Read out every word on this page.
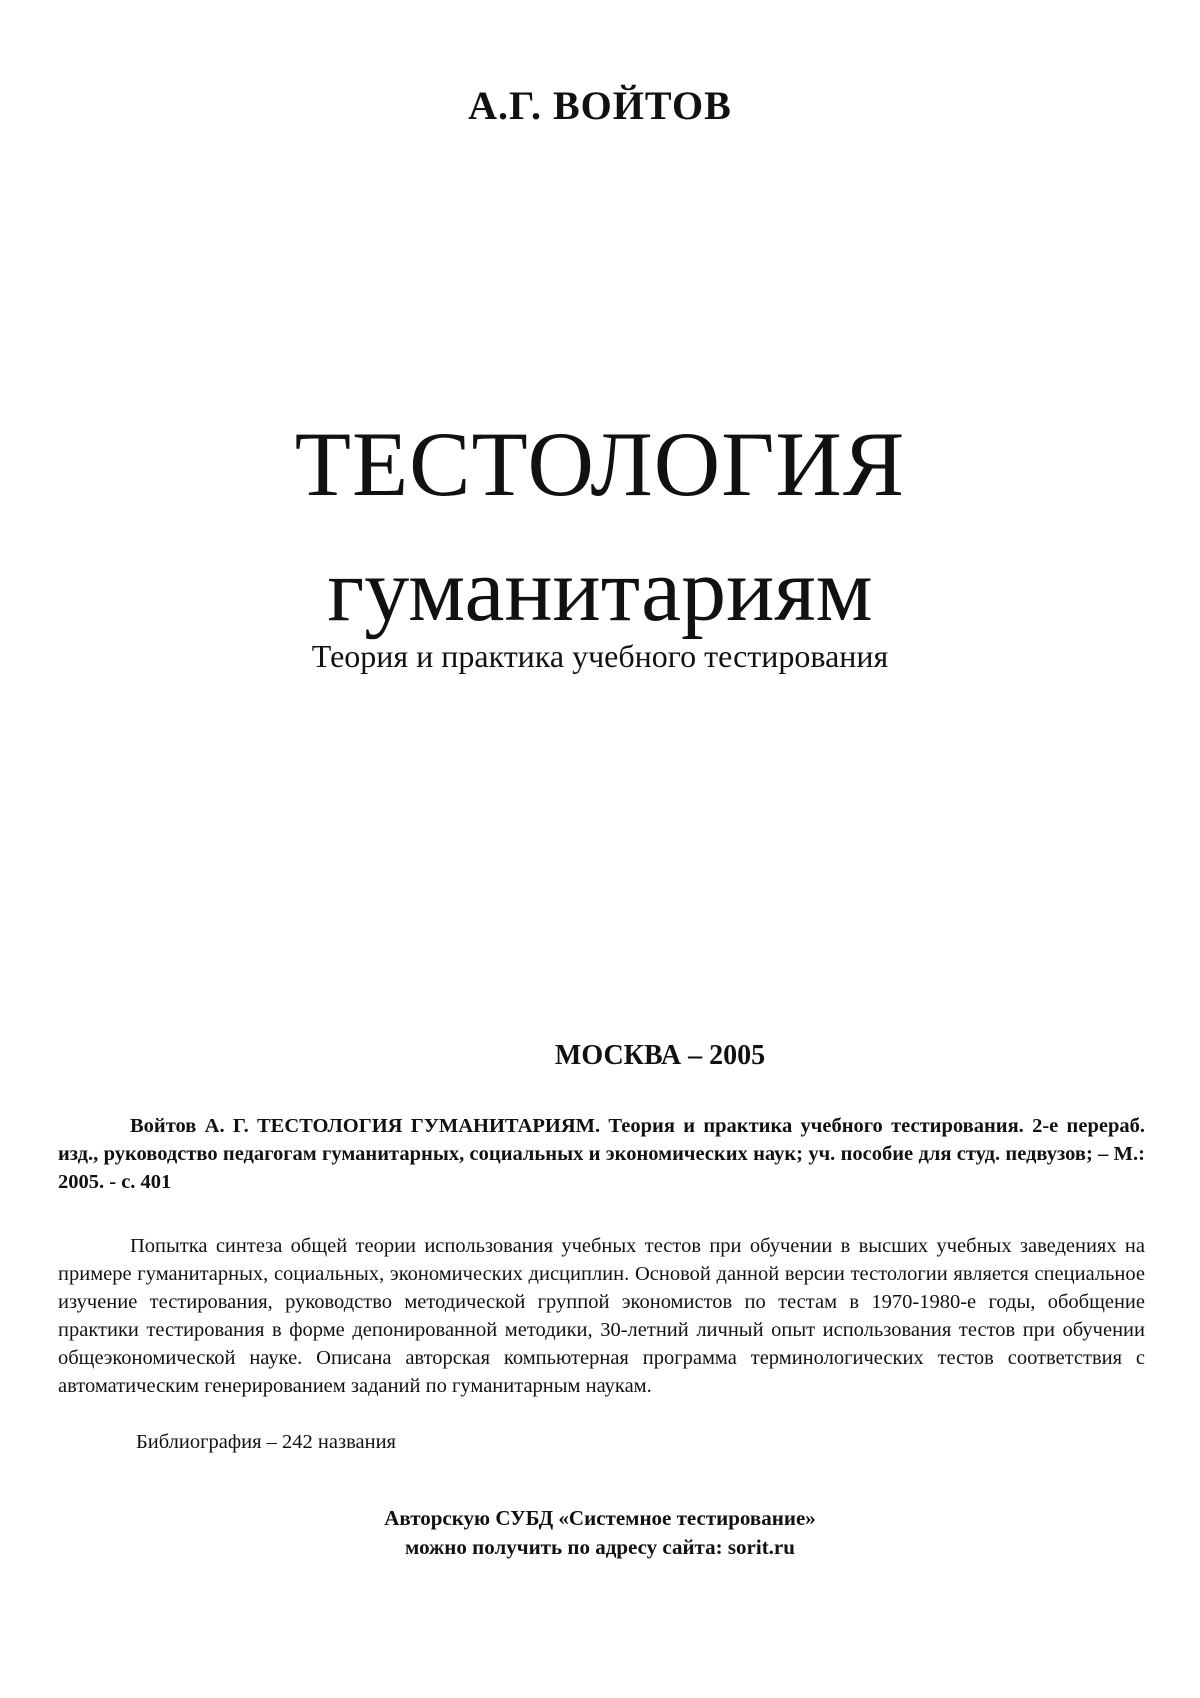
А.Г. ВОЙТОВ
ТЕСТОЛОГИЯ
гуманитариям
Теория и практика учебного тестирования
МОСКВА – 2005
Войтов А. Г. ТЕСТОЛОГИЯ ГУМАНИТАРИЯМ. Теория и практика учебного тестирования. 2-е перераб. изд., руководство педагогам гуманитарных, социальных и экономических наук; уч. пособие для студ. педвузов; – М.: 2005. - с. 401
Попытка синтеза общей теории использования учебных тестов при обучении в высших учебных заведениях на примере гуманитарных, социальных, экономических дисциплин. Основой данной версии тестологии является специальное изучение тестирования, руководство методической группой экономистов по тестам в 1970-1980-е годы, обобщение практики тестирования в форме депонированной методики, 30-летний личный опыт использования тестов при обучении общеэкономической науке. Описана авторская компьютерная программа терминологических тестов соответствия с автоматическим генерированием заданий по гуманитарным наукам.
Библиография – 242 названия
Авторскую СУБД «Системное тестирование»
можно получить по адресу сайта: sorit.ru
